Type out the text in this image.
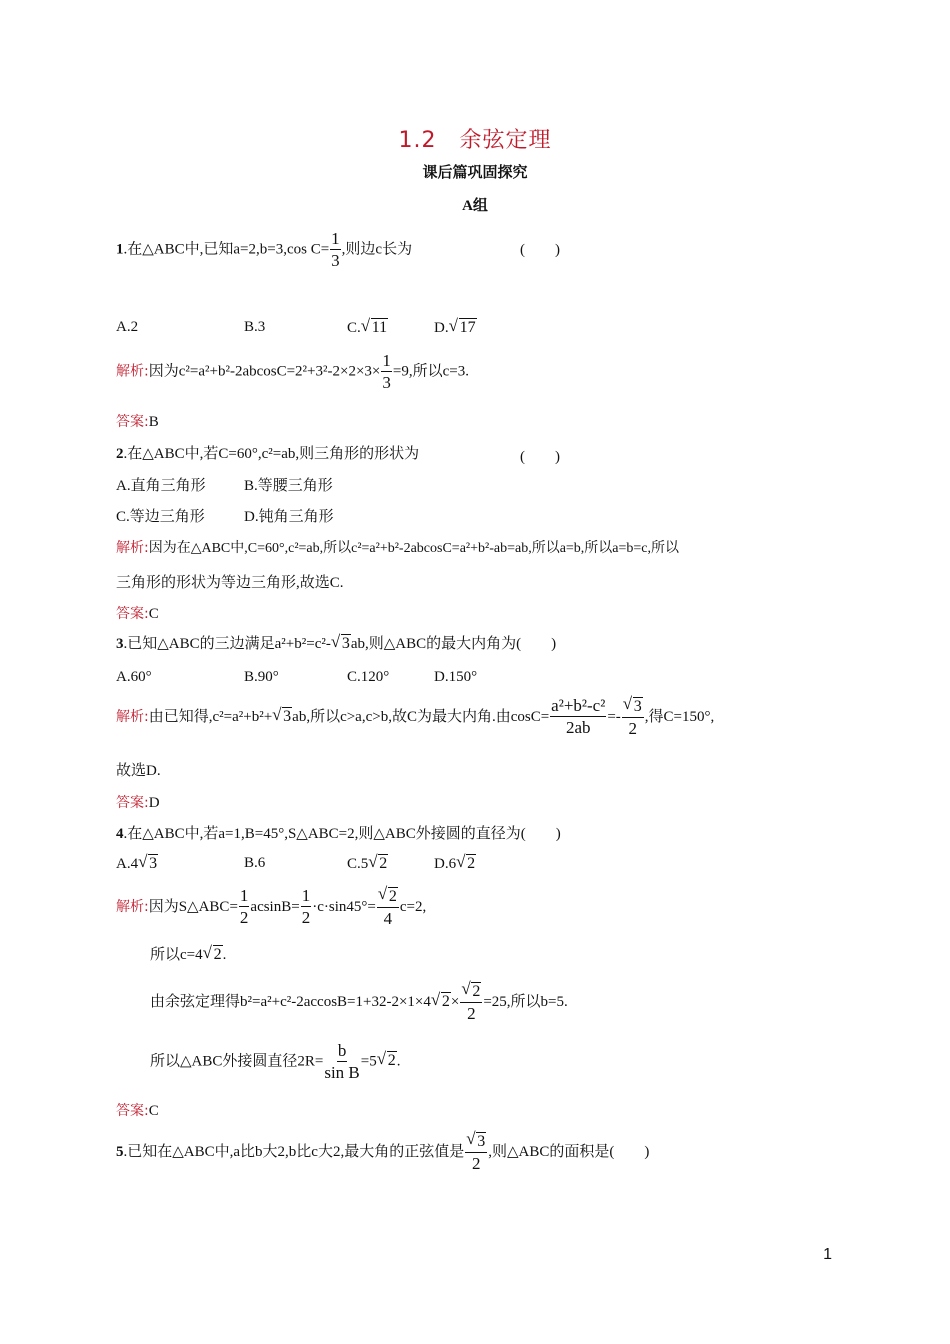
1.2　余弦定理
课后篇巩固探究
A组
1.在△ABC中,已知a=2,b=3,cos $C= \frac{1}{3}$ ,则边c长为	(　　)
A.2	B.3	C.√ 11	D.√ 17
解析:因为$c^2=a^2+b^2-2abcosC=2^2+3^2-2\times 2\times 3\times \frac{1}{3} =9$,所以c=3.
答案:B
2.在△ABC中,若C=60°,c²=ab,则三角形的形状为	(　　)
A.直角三角形	B.等腰三角形
C.等边三角形	D.钝角三角形
解析:因为在△ABC中,C=60°,c²=ab,所以c²=a²+b²-2abcosC=a²+b²-ab=ab,所以a=b,所以a=b=c,所以
三角形的形状为等边三角形,故选C.
答案:C
3.已知△ABC的三边满足a²+b²=c²-√ 3ab,则△ABC的最大内角为(　　)
A.60°	B.90°	C.120°	D.150°
解析:由已知得,c²=a²+b²+√ 3ab,所以c>a,c>b,故C为最大内角.由$\cos C= \frac{\text{a²+b²-c²}}{2ab}$ =-
√ $\frac{3}{2}$ ,得C=150°,
故选D.
答案:D
4.在△ABC中,若a=1,B=45°,S△ABC=2,则△ABC外接圆的直径为(　　)
A.4√ 3	B.6	C.5√ 2	D.6√ 2
解析:因为S△ABC= $\frac{1}{2} acsinB= \frac{1}{2} \cdot c\cdot\sin 45^\circ=$
√ $\frac{2}{4} c=2$,
所以c=4√ 2.
由余弦定理得b²=a²+c²-2accosB=1+32-2×1×4√ 2×
√ $\frac{2}{2} =25$,所以b=5.
所以△ABC外接圆直径$2R= \frac{b}{\text{sin B}} =5√$ 2.
答案:C
5.已知在△ABC中,a比b大2,b比c大2,最大角的正弦值是
√ $\frac{3}{2}$ ,则△ABC的面积是(　　)
1
